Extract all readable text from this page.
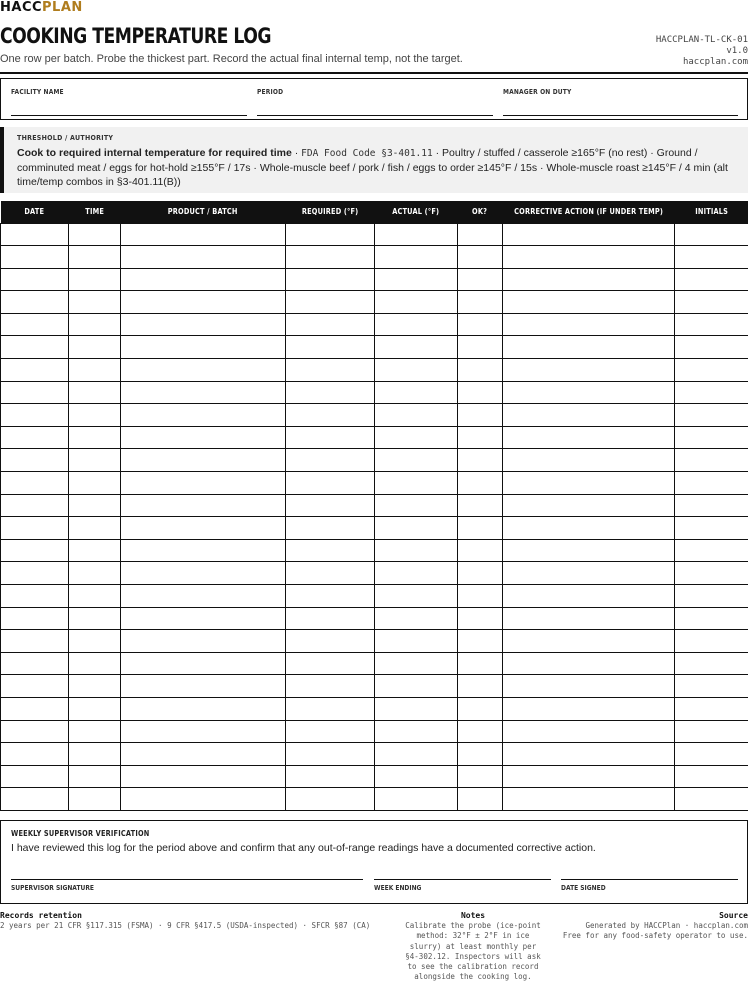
HACCPLAN
COOKING TEMPERATURE LOG
One row per batch. Probe the thickest part. Record the actual final internal temp, not the target.
HACCPLAN-TL-CK-01
v1.0
haccplan.com
FACILITY NAME	PERIOD	MANAGER ON DUTY
THRESHOLD / AUTHORITY
Cook to required internal temperature for required time · FDA Food Code §3-401.11 · Poultry / stuffed / casserole ≥165°F (no rest) · Ground / comminuted meat / eggs for hot-hold ≥155°F / 17s · Whole-muscle beef / pork / fish / eggs to order ≥145°F / 15s · Whole-muscle roast ≥145°F / 4 min (alt time/temp combos in §3-401.11(B))
DATE	TIME	PRODUCT / BATCH	REQUIRED (°F)	ACTUAL (°F)	OK?	CORRECTIVE ACTION (IF UNDER TEMP)	INITIALS

WEEKLY SUPERVISOR VERIFICATION
I have reviewed this log for the period above and confirm that any out-of-range readings have a documented corrective action.
SUPERVISOR SIGNATURE	WEEK ENDING	DATE SIGNED
Records retention
2 years per 21 CFR §117.315 (FSMA) · 9 CFR §417.5 (USDA-inspected) · SFCR §87 (CA)
Notes
Calibrate the probe (ice-point method: 32°F ± 2°F in ice slurry) at least monthly per §4-302.12. Inspectors will ask to see the calibration record alongside the cooking log.
Source
Generated by HACCPlan · haccplan.com
Free for any food-safety operator to use.
